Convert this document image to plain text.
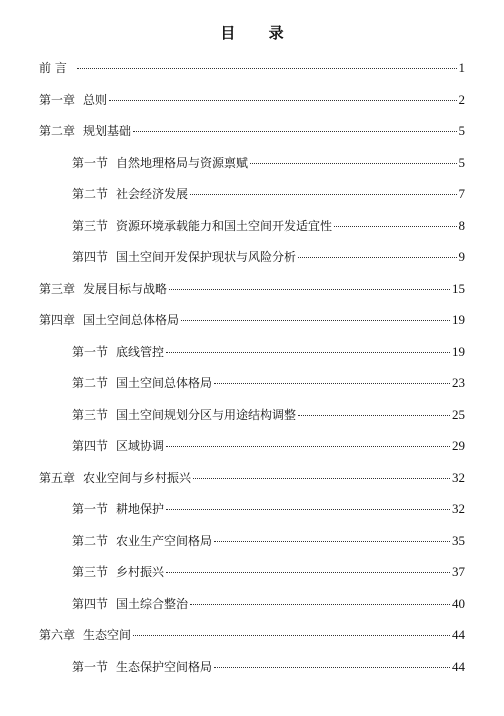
目 录
前 言	1
第一章 总则	2
第二章 规划基础	5
第一节 自然地理格局与资源禀赋	5
第二节 社会经济发展	7
第三节 资源环境承载能力和国土空间开发适宜性	8
第四节 国土空间开发保护现状与风险分析	9
第三章 发展目标与战略	15
第四章 国土空间总体格局	19
第一节 底线管控	19
第二节 国土空间总体格局	23
第三节 国土空间规划分区与用途结构调整	25
第四节 区域协调	29
第五章 农业空间与乡村振兴	32
第一节 耕地保护	32
第二节 农业生产空间格局	35
第三节 乡村振兴	37
第四节 国土综合整治	40
第六章 生态空间	44
第一节 生态保护空间格局	44
